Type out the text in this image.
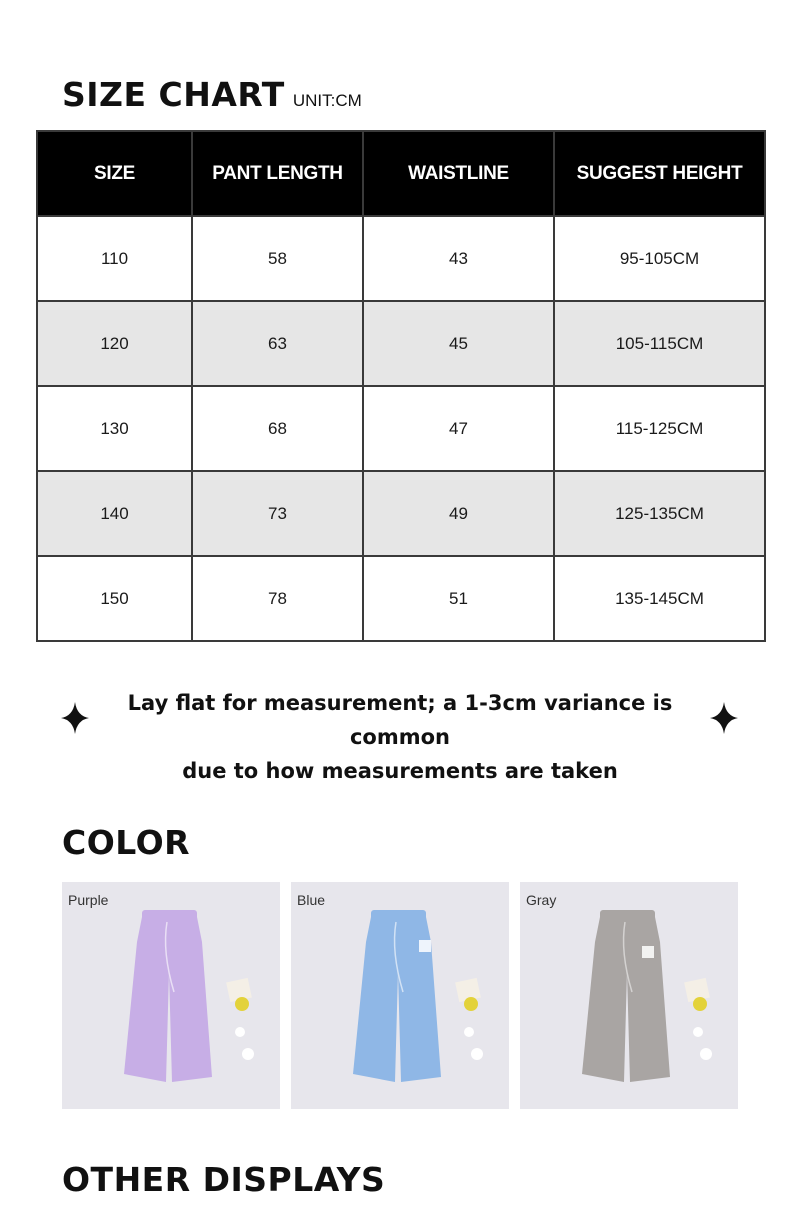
SIZE CHART UNIT:CM
SIZE	PANT LENGTH	WAISTLINE	SUGGEST HEIGHT
110	58	43	95-105CM
120	63	45	105-115CM
130	68	47	115-125CM
140	73	49	125-135CM
150	78	51	135-145CM
Lay flat for measurement; a 1-3cm variance is common
due to how measurements are taken
COLOR
Purple	Blue	Gray
OTHER DISPLAYS
